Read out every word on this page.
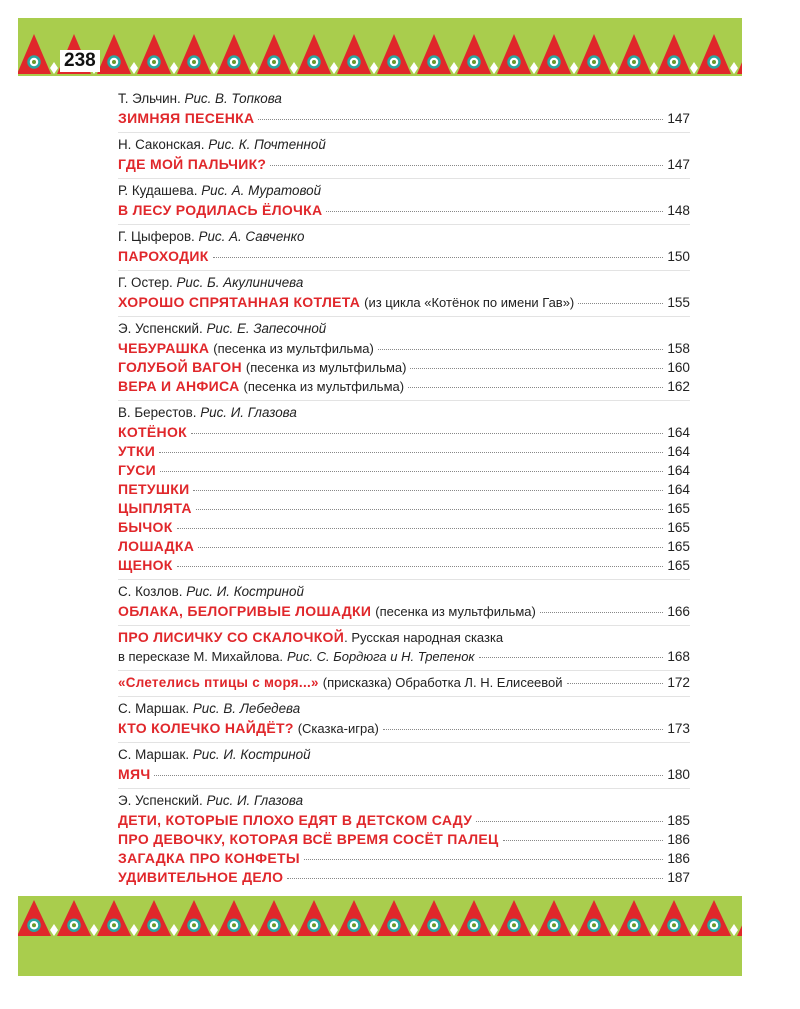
238
Т. Эльчин. Рис. В. Топкова
ЗИМНЯЯ ПЕСЕНКА	147
Н. Саконская. Рис. К. Почтенной
ГДЕ МОЙ ПАЛЬЧИК?	147
Р. Кудашева. Рис. А. Муратовой
В ЛЕСУ РОДИЛАСЬ ЁЛОЧКА	148
Г. Цыферов. Рис. А. Савченко
ПАРОХОДИК	150
Г. Остер. Рис. Б. Акулиничева
ХОРОШО СПРЯТАННАЯ КОТЛЕТА (из цикла «Котёнок по имени Гав»)	155
Э. Успенский. Рис. Е. Запесочной
ЧЕБУРАШКА (песенка из мультфильма)	158
ГОЛУБОЙ ВАГОН (песенка из мультфильма)	160
ВЕРА И АНФИСА (песенка из мультфильма)	162
В. Берестов. Рис. И. Глазова
КОТЁНОК	164
УТКИ	164
ГУСИ	164
ПЕТУШКИ	164
ЦЫПЛЯТА	165
БЫЧОК	165
ЛОШАДКА	165
ЩЕНОК	165
С. Козлов. Рис. И. Костриной
ОБЛАКА, БЕЛОГРИВЫЕ ЛОШАДКИ (песенка из мультфильма)	166
ПРО ЛИСИЧКУ СО СКАЛОЧКОЙ. Русская народная сказка
в пересказе М. Михайлова. Рис. С. Бордюга и Н. Трепенок	168
«Слетелись птицы с моря...» (присказка) Обработка Л. Н. Елисеевой	172
С. Маршак. Рис. В. Лебедева
КТО КОЛЕЧКО НАЙДЁТ? (Сказка-игра)	173
С. Маршак. Рис. И. Костриной
МЯЧ	180
Э. Успенский. Рис. И. Глазова
ДЕТИ, КОТОРЫЕ ПЛОХО ЕДЯТ В ДЕТСКОМ САДУ	185
ПРО ДЕВОЧКУ, КОТОРАЯ ВСЁ ВРЕМЯ СОСЁТ ПАЛЕЦ	186
ЗАГАДКА ПРО КОНФЕТЫ	186
УДИВИТЕЛЬНОЕ ДЕЛО	187
